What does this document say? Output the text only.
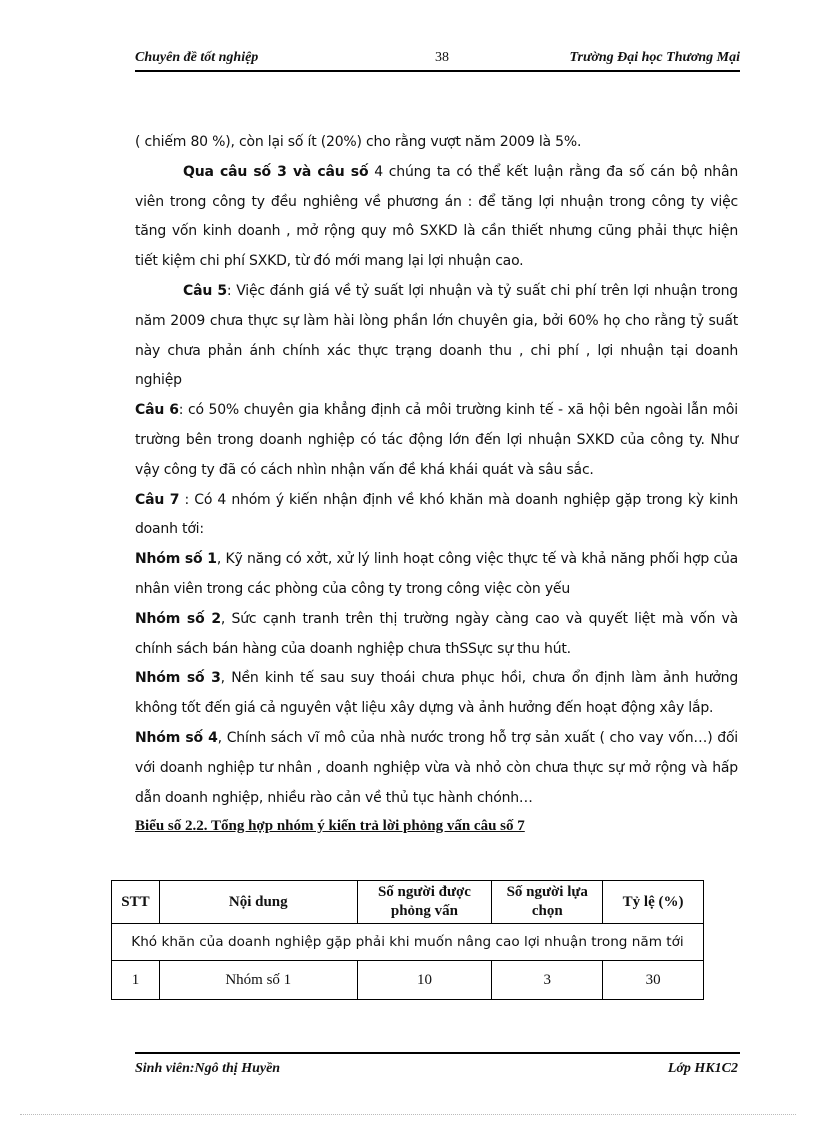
Chuyên đề tốt nghiệp	38	Trường Đại học Thương Mại

( chiếm 80 %), còn lại số ít (20%) cho rằng vượt năm 2009 là 5%.

Qua câu số 3 và câu số 4 chúng ta có thể kết luận rằng đa số cán bộ nhân viên trong công ty đều nghiêng về phương án : để tăng lợi nhuận trong công ty việc tăng vốn kinh doanh , mở rộng quy mô SXKD là cần thiết nhưng cũng phải thực hiện tiết kiệm chi phí SXKD, từ đó mới mang lại lợi nhuận cao.

Câu 5: Việc đánh giá về tỷ suất lợi nhuận và tỷ suất chi phí trên lợi nhuận trong năm 2009 chưa thực sự làm hài lòng phần lớn chuyên gia, bởi 60% họ cho rằng tỷ suất này chưa phản ánh chính xác thực trạng doanh thu , chi phí , lợi nhuận tại doanh nghiệp

Câu 6: có 50% chuyên gia khẳng định cả môi trường kinh tế - xã hội bên ngoài lẫn môi trường bên trong doanh nghiệp có tác động lớn đến lợi nhuận SXKD của công ty. Như vậy công ty đã có cách nhìn nhận vấn đề khá khái quát và sâu sắc.

Câu 7 : Có 4 nhóm ý kiến nhận định về khó khăn mà doanh nghiệp gặp trong kỳ kinh doanh tới:

Nhóm số 1, Kỹ năng có xởt, xử lý linh hoạt công việc thực tế và khả năng phối hợp của nhân viên trong các phòng của công ty trong công việc còn yếu

Nhóm số 2, Sức cạnh tranh trên thị trường ngày càng cao và quyết liệt mà vốn và chính sách bán hàng của doanh nghiệp chưa thSSực sự thu hút.

Nhóm số 3, Nền kinh tế sau suy thoái chưa phục hồi, chưa ổn định làm ảnh hưởng không tốt đến giá cả nguyên vật liệu xây dựng và ảnh hưởng đến hoạt động xây lắp.

Nhóm số 4, Chính sách vĩ mô của nhà nước trong hỗ trợ sản xuất ( cho vay vốn…) đối với doanh nghiệp tư nhân , doanh nghiệp vừa và nhỏ còn chưa thực sự mở rộng và hấp dẫn doanh nghiệp, nhiều rào cản về thủ tục hành chónh…

Biểu số 2.2. Tổng hợp nhóm ý kiến trả lời phỏng vấn câu số 7
STT	Nội dung	Số người được phỏng vấn	Số người lựa chọn	Tỷ lệ (%)
Khó khăn của doanh nghiệp gặp phải khi muốn nâng cao lợi nhuận trong năm tới				
1	Nhóm số 1	10	3	30
Sinh viên:Ngô thị Huyền	Lớp HK1C2
